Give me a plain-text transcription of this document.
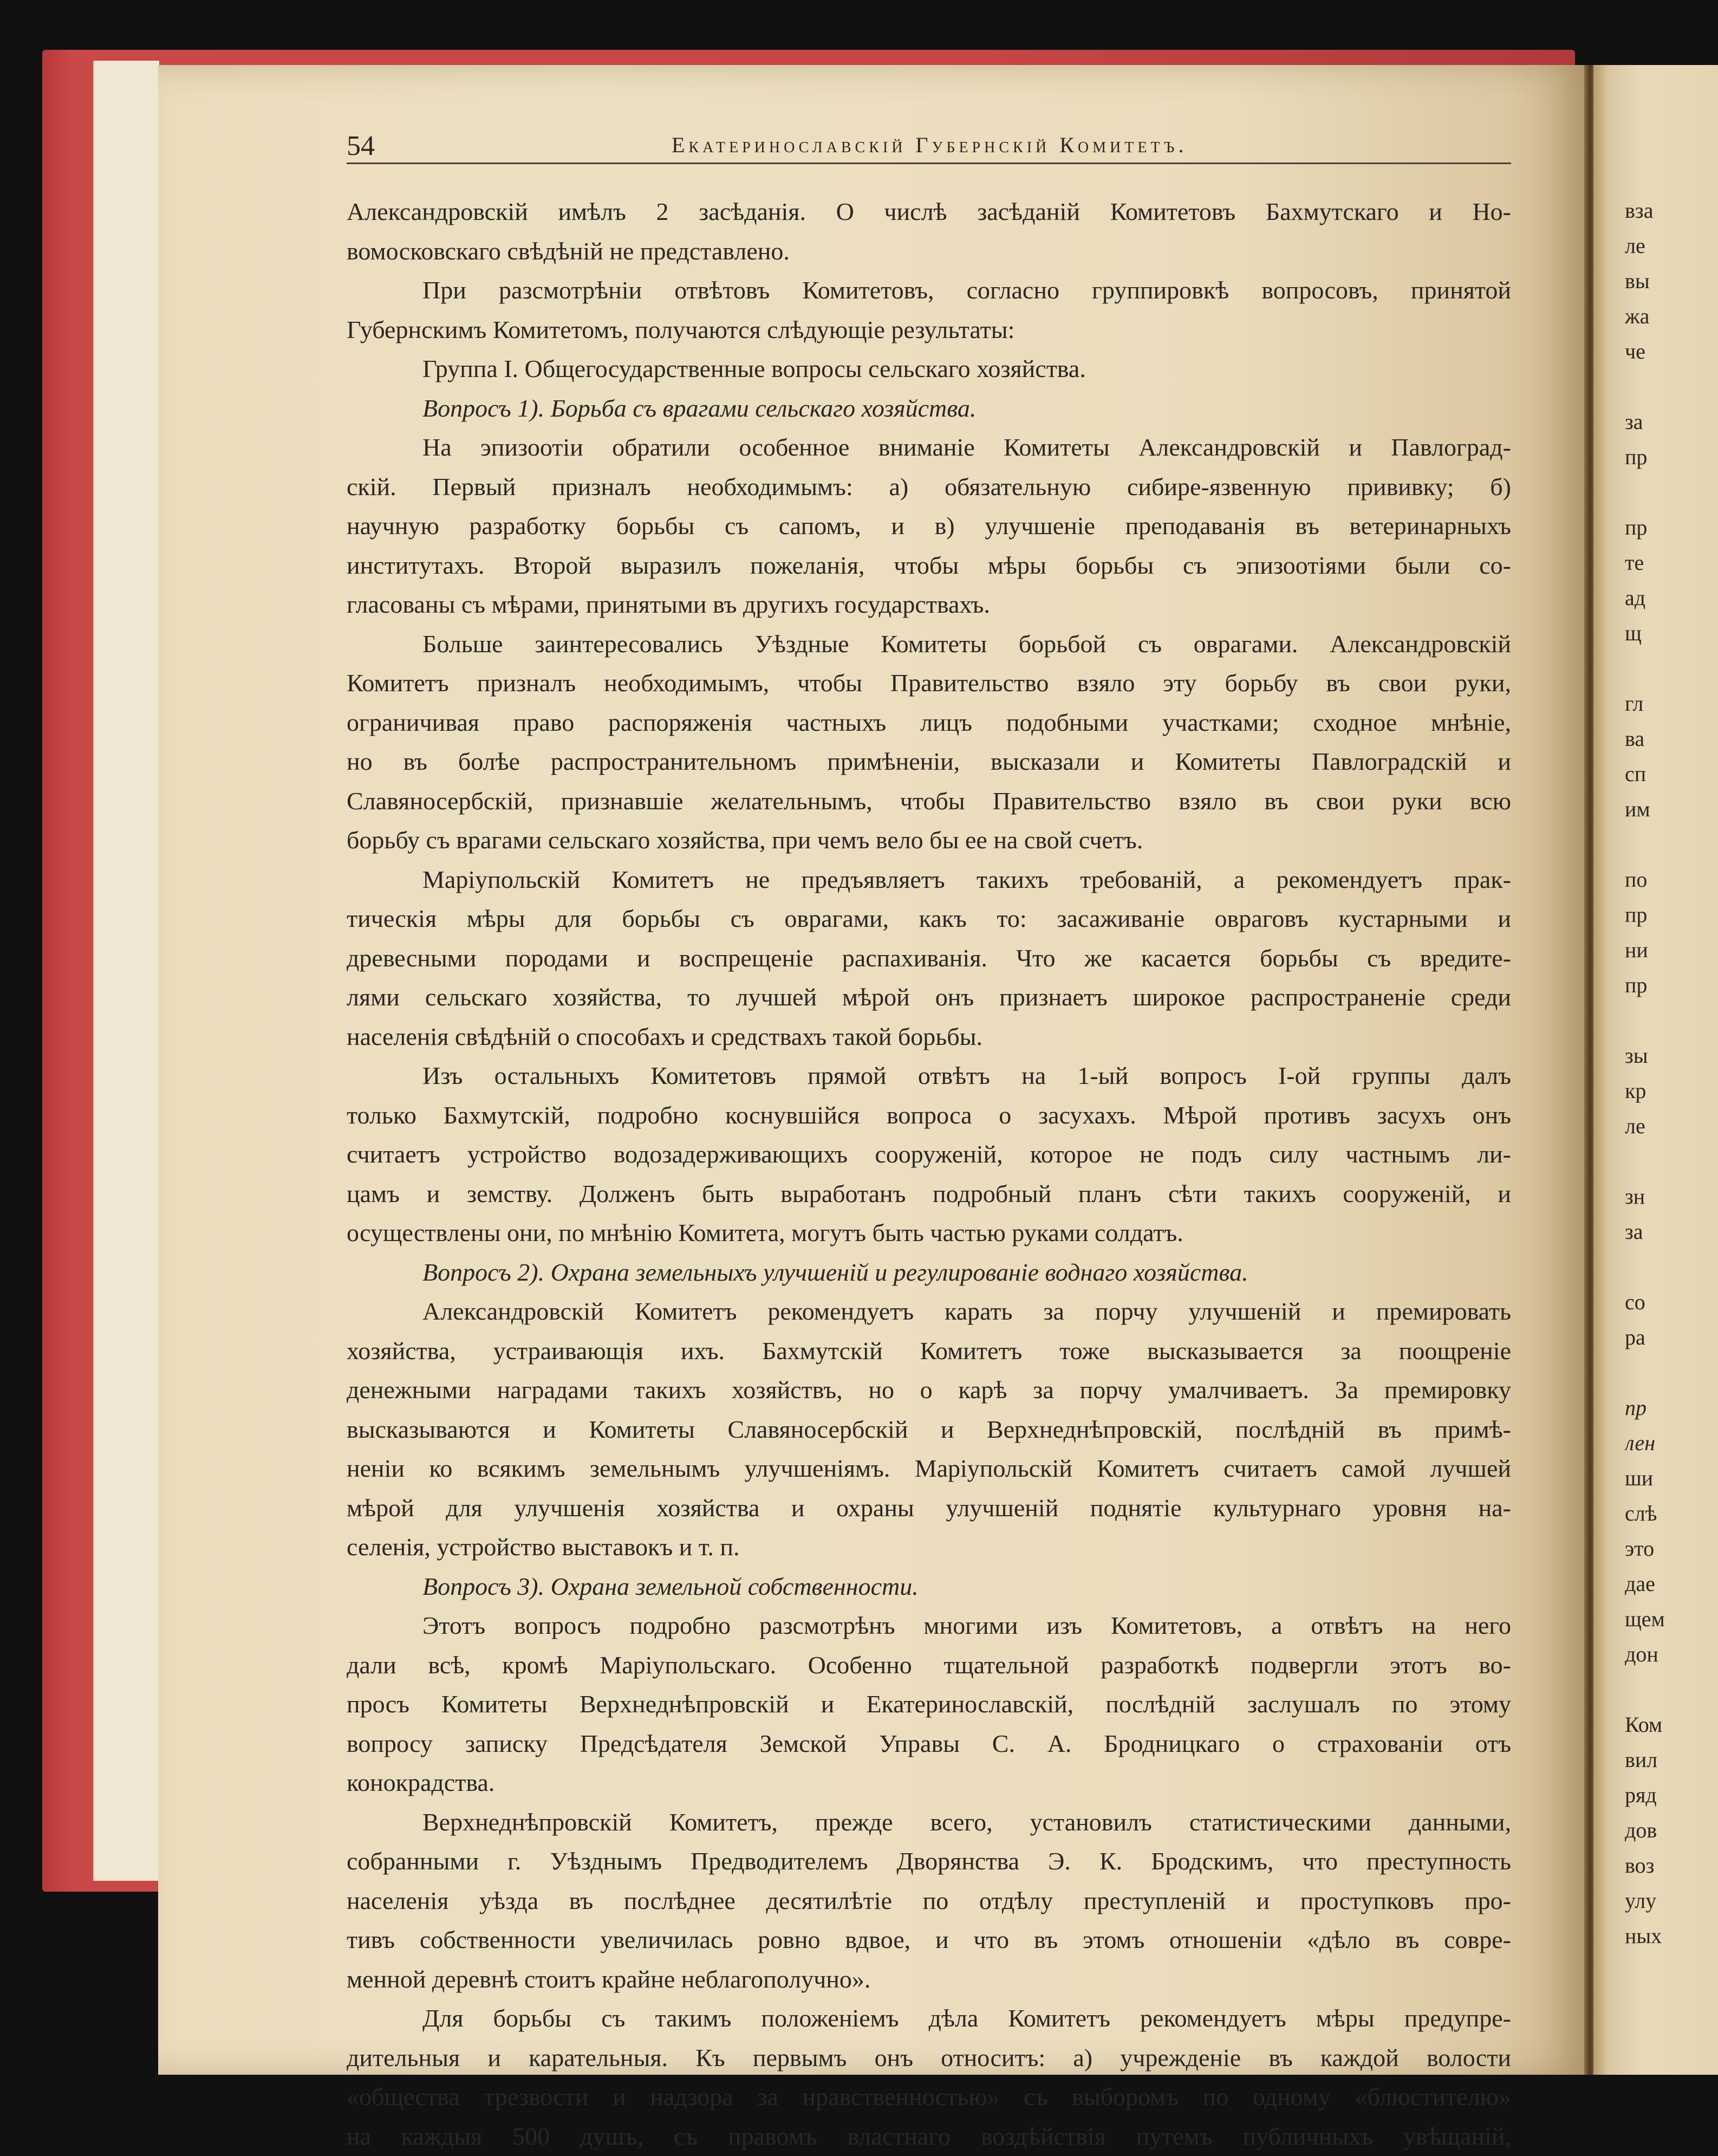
54	Екатеринославскій Губернскій Комитетъ.
Александровскій имѣлъ 2 засѣданія. О числѣ засѣданій Комитетовъ Бахмутскаго и Но-
вомосковскаго свѣдѣній не представлено.
При разсмотрѣніи отвѣтовъ Комитетовъ, согласно группировкѣ вопросовъ, принятой
Губернскимъ Комитетомъ, получаются слѣдующіе результаты:
Группа I. Общегосударственные вопросы сельскаго хозяйства.
Вопросъ 1). Борьба съ врагами сельскаго хозяйства.
На эпизоотіи обратили особенное вниманіе Комитеты Александровскій и Павлоград-
скій. Первый призналъ необходимымъ: а) обязательную сибире-язвенную прививку; б)
научную разработку борьбы съ сапомъ, и в) улучшеніе преподаванія въ ветеринарныхъ
институтахъ. Второй выразилъ пожеланія, чтобы мѣры борьбы съ эпизоотіями были со-
гласованы съ мѣрами, принятыми въ другихъ государствахъ.
Больше заинтересовались Уѣздные Комитеты борьбой съ оврагами. Александровскій
Комитетъ призналъ необходимымъ, чтобы Правительство взяло эту борьбу въ свои руки,
ограничивая право распоряженія частныхъ лицъ подобными участками; сходное мнѣніе,
но въ болѣе распространительномъ примѣненіи, высказали и Комитеты Павлоградскій и
Славяносербскій, признавшіе желательнымъ, чтобы Правительство взяло въ свои руки всю
борьбу съ врагами сельскаго хозяйства, при чемъ вело бы ее на свой счетъ.
Маріупольскій Комитетъ не предъявляетъ такихъ требованій, а рекомендуетъ прак-
тическія мѣры для борьбы съ оврагами, какъ то: засаживаніе овраговъ кустарными и
древесными породами и воспрещеніе распахиванія. Что же касается борьбы съ вредите-
лями сельскаго хозяйства, то лучшей мѣрой онъ признаетъ широкое распространеніе среди
населенія свѣдѣній о способахъ и средствахъ такой борьбы.
Изъ остальныхъ Комитетовъ прямой отвѣтъ на 1-ый вопросъ I-ой группы далъ
только Бахмутскій, подробно коснувшійся вопроса о засухахъ. Мѣрой противъ засухъ онъ
считаетъ устройство водозадерживающихъ сооруженій, которое не подъ силу частнымъ ли-
цамъ и земству. Долженъ быть выработанъ подробный планъ сѣти такихъ сооруженій, и
осуществлены они, по мнѣнію Комитета, могутъ быть частью руками солдатъ.
Вопросъ 2). Охрана земельныхъ улучшеній и регулированіе воднаго хозяйства.
Александровскій Комитетъ рекомендуетъ карать за порчу улучшеній и премировать
хозяйства, устраивающія ихъ. Бахмутскій Комитетъ тоже высказывается за поощреніе
денежными наградами такихъ хозяйствъ, но о карѣ за порчу умалчиваетъ. За премировку
высказываются и Комитеты Славяносербскій и Верхнеднѣпровскій, послѣдній въ примѣ-
неніи ко всякимъ земельнымъ улучшеніямъ. Маріупольскій Комитетъ считаетъ самой лучшей
мѣрой для улучшенія хозяйства и охраны улучшеній поднятіе культурнаго уровня на-
селенія, устройство выставокъ и т. п.
Вопросъ 3). Охрана земельной собственности.
Этотъ вопросъ подробно разсмотрѣнъ многими изъ Комитетовъ, а отвѣтъ на него
дали всѣ, кромѣ Маріупольскаго. Особенно тщательной разработкѣ подвергли этотъ во-
просъ Комитеты Верхнеднѣпровскій и Екатеринославскій, послѣдній заслушалъ по этому
вопросу записку Предсѣдателя Земской Управы С. А. Бродницкаго о страхованіи отъ
конокрадства.
Верхнеднѣпровскій Комитетъ, прежде всего, установилъ статистическими данными,
собранными г. Уѣзднымъ Предводителемъ Дворянства Э. К. Бродскимъ, что преступность
населенія уѣзда въ послѣднее десятилѣтіе по отдѣлу преступленій и проступковъ про-
тивъ собственности увеличилась ровно вдвое, и что въ этомъ отношеніи «дѣло въ совре-
менной деревнѣ стоитъ крайне неблагополучно».
Для борьбы съ такимъ положеніемъ дѣла Комитетъ рекомендуетъ мѣры предупре-
дительныя и карательныя. Къ первымъ онъ относитъ: а) учрежденіе въ каждой волости
«общества трезвости и надзора за нравственностью» съ выборомъ по одному «блюстителю»
на каждыя 500 душъ, съ правомъ властнаго воздѣйствія путемъ публичныхъ увѣщаній,
вза
ле
вы
жа
че
за
пр
пр
те
ад
щ
гл
ва
сп
им
по
пр
ни
пр
зы
кр
ле
зн
за
со
ра
пр
лен
ши
слѣ
это
дае
щем
дон
Ком
вил
ряд
дов
воз
улу
ных
